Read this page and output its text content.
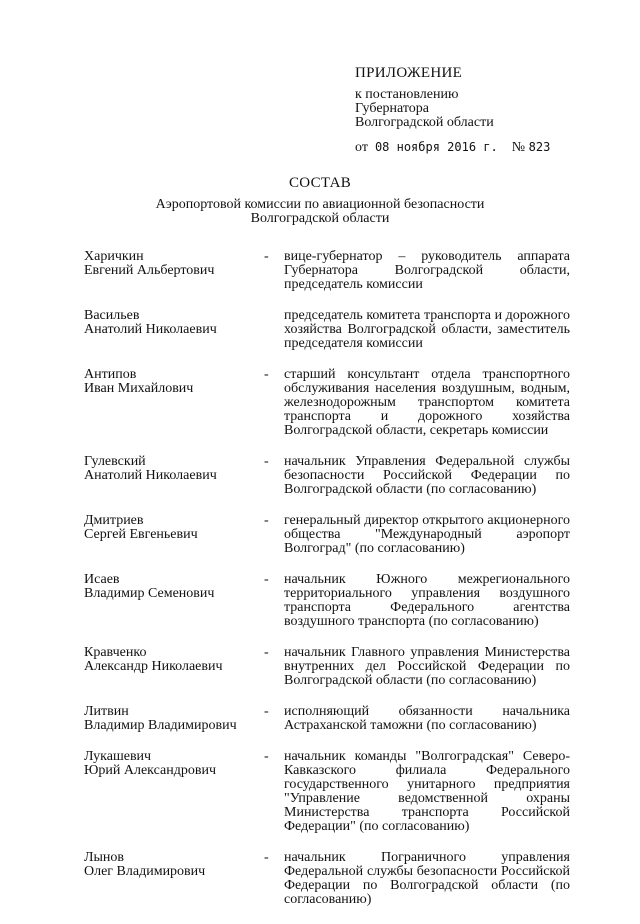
ПРИЛОЖЕНИЕ
к постановлению
Губернатора
Волгоградской области
от 08 ноября 2016 г. № 823
СОСТАВ
Аэропортовой комиссии по авиационной безопасности
Волгоградской области
Харичкин
Евгений Альбертович
- вице-губернатор – руководитель аппарата Губернатора Волгоградской области, председатель комиссии
Васильев
Анатолий Николаевич
председатель комитета транспорта и дорожного хозяйства Волгоградской области, заместитель председателя комиссии
Антипов
Иван Михайлович
- старший консультант отдела транспортного обслуживания населения воздушным, водным, железнодорожным транспортом комитета транспорта и дорожного хозяйства Волгоградской области, секретарь комиссии
Гулевский
Анатолий Николаевич
- начальник Управления Федеральной службы безопасности Российской Федерации по Волгоградской области (по согласованию)
Дмитриев
Сергей Евгеньевич
- генеральный директор открытого акционерного общества "Международный аэропорт Волгоград" (по согласованию)
Исаев
Владимир Семенович
- начальник Южного межрегионального территориального управления воздушного транспорта Федерального агентства воздушного транспорта (по согласованию)
Кравченко
Александр Николаевич
- начальник Главного управления Министерства внутренних дел Российской Федерации по Волгоградской области (по согласованию)
Литвин
Владимир Владимирович
- исполняющий обязанности начальника Астраханской таможни (по согласованию)
Лукашевич
Юрий Александрович
- начальник команды "Волгоградская" Северо-Кавказского филиала Федерального государственного унитарного предприятия "Управление ведомственной охраны Министерства транспорта Российской Федерации" (по согласованию)
Лынов
Олег Владимирович
- начальник Пограничного управления Федеральной службы безопасности Российской Федерации по Волгоградской области (по согласованию)
